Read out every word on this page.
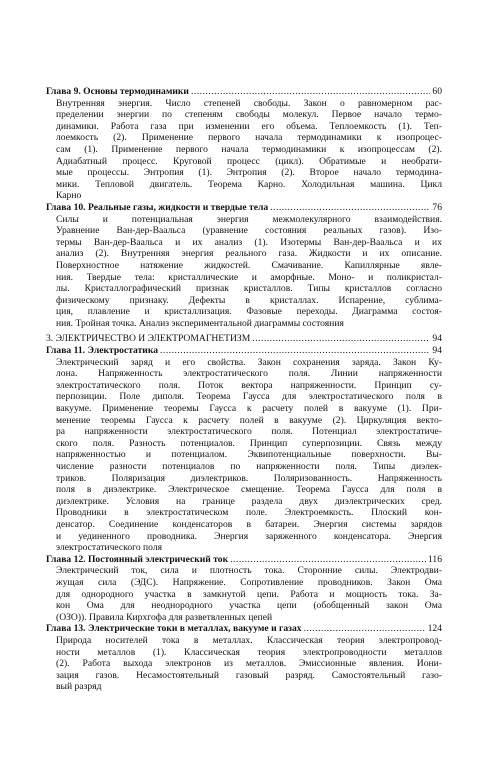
Глава 9. Основы термодинамики .....	60
Внутренняя энергия. Число степеней свободы. Закон о равномерном рас-
пределении энергии по степеням свободы молекул. Первое начало термо-
динамики. Работа газа при изменении его объема. Теплоемкость (1). Теп-
лоемкость (2). Применение первого начала термодинамики к изопроцес-
сам (1). Применение первого начала термодинамики к изопроцессам (2).
Адиабатный процесс. Круговой процесс (цикл). Обратимые и необрати-
мые процессы. Энтропия (1). Энтропия (2). Второе начало термодина-
мики. Тепловой двигатель. Теорема Карно. Холодильная машина. Цикл
Карно
Глава 10. Реальные газы, жидкости и твердые тела .....	76
Силы и потенциальная энергия межмолекулярного взаимодействия.
Уравнение Ван-дер-Ваальса (уравнение состояния реальных газов). Изо-
термы Ван-дер-Ваальса и их анализ (1). Изотермы Ван-дер-Ваальса и их
анализ (2). Внутренняя энергия реального газа. Жидкости и их описание.
Поверхностное натяжение жидкостей. Смачивание. Капиллярные явле-
ния. Твердые тела: кристаллические и аморфные. Моно- и поликристал-
лы. Кристаллографический признак кристаллов. Типы кристаллов согласно
физическому признаку. Дефекты в кристаллах. Испарение, сублима-
ция, плавление и кристаллизация. Фазовые переходы. Диаграмма состоя-
ния. Тройная точка. Анализ экспериментальной диаграммы состояния
3. ЭЛЕКТРИЧЕСТВО И ЭЛЕКТРОМАГНЕТИЗМ .....	94
Глава 11. Электростатика .....	94
Электрический заряд и его свойства. Закон сохранения заряда. Закон Ку-
лона. Напряженность электростатического поля. Линии напряженности
электростатического поля. Поток вектора напряженности. Принцип су-
перпозиции. Поле диполя. Теорема Гаусса для электростатического поля в
вакууме. Применение теоремы Гаусса к расчету полей в вакууме (1). При-
менение теоремы Гаусса к расчету полей в вакууме (2). Циркуляция векто-
ра напряженности электростатического поля. Потенциал электростатиче-
ского поля. Разность потенциалов. Принцип суперпозиции. Связь между
напряженностью и потенциалом. Эквипотенциальные поверхности. Вы-
числение разности потенциалов по напряженности поля. Типы диэлек-
триков. Поляризация диэлектриков. Поляризованность. Напряженность
поля в диэлектрике. Электрическое смещение. Теорема Гаусса для поля в
диэлектрике. Условия на границе раздела двух диэлектрических сред.
Проводники в электростатическом поле. Электроемкость. Плоский кон-
денсатор. Соединение конденсаторов в батареи. Энергия системы зарядов
и уединенного проводника. Энергия заряженного конденсатора. Энергия
электростатического поля
Глава 12. Постоянный электрический ток .....	116
Электрический ток, сила и плотность тока. Сторонние силы. Электродви-
жущая сила (ЭДС). Напряжение. Сопротивление проводников. Закон Ома
для однородного участка в замкнутой цепи. Работа и мощность тока. За-
кон Ома для неоднородного участка цепи (обобщенный закон Ома
(ОЗО)). Правила Кирхгофа для разветвленных цепей
Глава 13. Электрические токи в металлах, вакууме и газах .....	124
Природа носителей тока в металлах. Классическая теория электропровод-
ности металлов (1). Классическая теория электропроводности металлов
(2). Работа выхода электронов из металлов. Эмиссионные явления. Иони-
зация газов. Несамостоятельный газовый разряд. Самостоятельный газо-
вый разряд
